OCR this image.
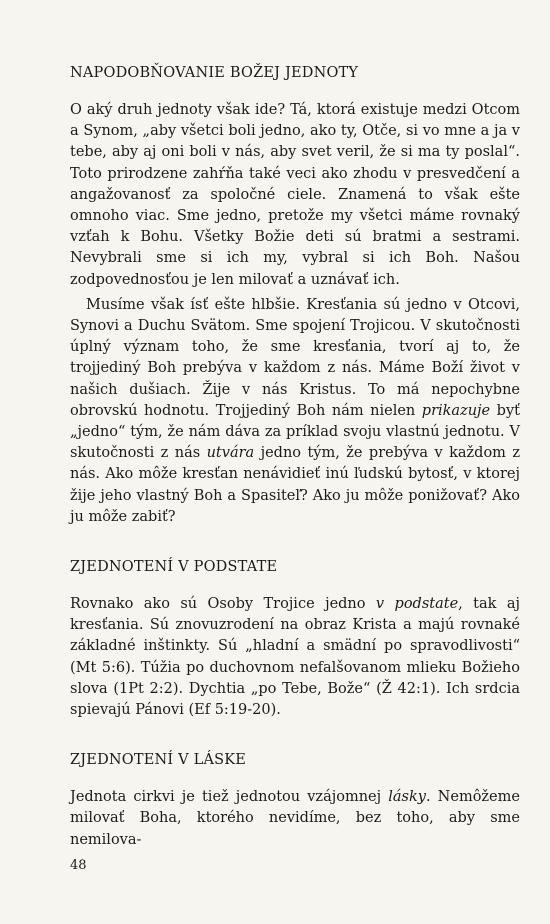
NAPODOBŇOVANIE BOŽEJ JEDNOTY

O aký druh jednoty však ide? Tá, ktorá existuje medzi Otcom a Synom, „aby všetci boli jedno, ako ty, Otče, si vo mne a ja v tebe, aby aj oni boli v nás, aby svet veril, že si ma ty poslal“. Toto prirodzene zahŕňa také veci ako zhodu v presvedčení a angažovanosť za spoločné ciele. Znamená to však ešte omnoho viac. Sme jedno, pretože my všetci máme rovnaký vzťah k Bohu. Všetky Božie deti sú bratmi a sestrami. Nevybrali sme si ich my, vybral si ich Boh. Našou zodpovednosťou je len milovať a uznávať ich.

Musíme však ísť ešte hlbšie. Kresťania sú jedno v Otcovi, Synovi a Duchu Svätom. Sme spojení Trojicou. V skutočnosti úplný význam toho, že sme kresťania, tvorí aj to, že trojjediný Boh prebýva v každom z nás. Máme Boží život v našich dušiach. Žije v nás Kristus. To má nepochybne obrovskú hodnotu. Trojjediný Boh nám nielen prikazuje byť „jedno“ tým, že nám dáva za príklad svoju vlastnú jednotu. V skutočnosti z nás utvára jedno tým, že prebýva v každom z nás. Ako môže kresťan nenávidieť inú ľudskú bytosť, v ktorej žije jeho vlastný Boh a Spasiteľ? Ako ju môže ponižovať? Ako ju môže zabiť?

ZJEDNOTENÍ V PODSTATE

Rovnako ako sú Osoby Trojice jedno v podstate, tak aj kresťania. Sú znovuzrodení na obraz Krista a majú rovnaké základné inštinkty. Sú „hladní a smädní po spravodlivosti“ (Mt 5:6). Túžia po duchovnom nefalšovanom mlieku Božieho slova (1Pt 2:2). Dychtia „po Tebe, Bože“ (Ž 42:1). Ich srdcia spievajú Pánovi (Ef 5:19-20).

ZJEDNOTENÍ V LÁSKE

Jednota cirkvi je tiež jednotou vzájomnej lásky. Nemôžeme milovať Boha, ktorého nevidíme, bez toho, aby sme nemilova-

48
